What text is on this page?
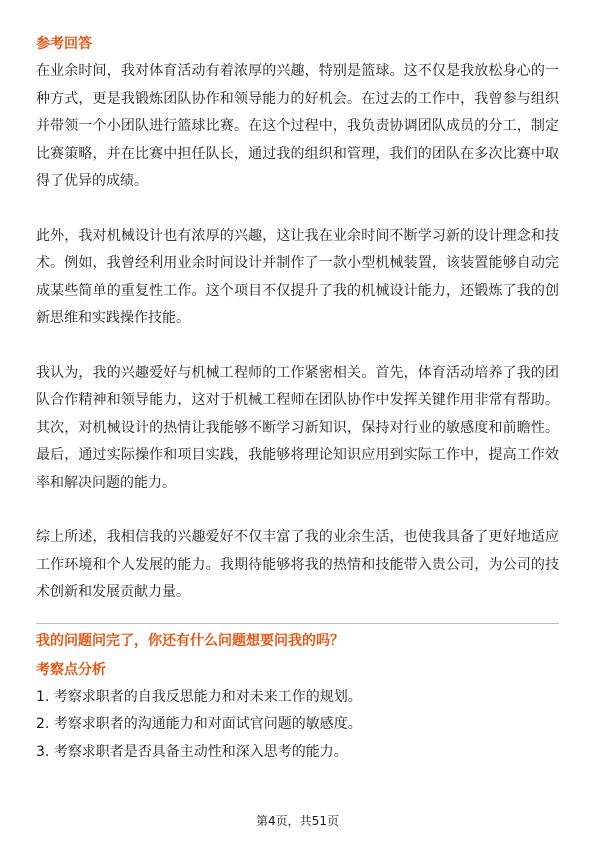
参考回答

在业余时间，我对体育活动有着浓厚的兴趣，特别是篮球。这不仅是我放松身心的一种方式，更是我锻炼团队协作和领导能力的好机会。在过去的工作中，我曾参与组织并带领一个小团队进行篮球比赛。在这个过程中，我负责协调团队成员的分工，制定比赛策略，并在比赛中担任队长，通过我的组织和管理，我们的团队在多次比赛中取得了优异的成绩。

此外，我对机械设计也有浓厚的兴趣，这让我在业余时间不断学习新的设计理念和技术。例如，我曾经利用业余时间设计并制作了一款小型机械装置，该装置能够自动完成某些简单的重复性工作。这个项目不仅提升了我的机械设计能力，还锻炼了我的创新思维和实践操作技能。

我认为，我的兴趣爱好与机械工程师的工作紧密相关。首先，体育活动培养了我的团队合作精神和领导能力，这对于机械工程师在团队协作中发挥关键作用非常有帮助。其次，对机械设计的热情让我能够不断学习新知识，保持对行业的敏感度和前瞻性。最后，通过实际操作和项目实践，我能够将理论知识应用到实际工作中，提高工作效率和解决问题的能力。

综上所述，我相信我的兴趣爱好不仅丰富了我的业余生活，也使我具备了更好地适应工作环境和个人发展的能力。我期待能够将我的热情和技能带入贵公司，为公司的技术创新和发展贡献力量。

我的问题问完了，你还有什么问题想要问我的吗？
考察点分析
1. 考察求职者的自我反思能力和对未来工作的规划。
2. 考察求职者的沟通能力和对面试官问题的敏感度。
3. 考察求职者是否具备主动性和深入思考的能力。
第4页，共51页
